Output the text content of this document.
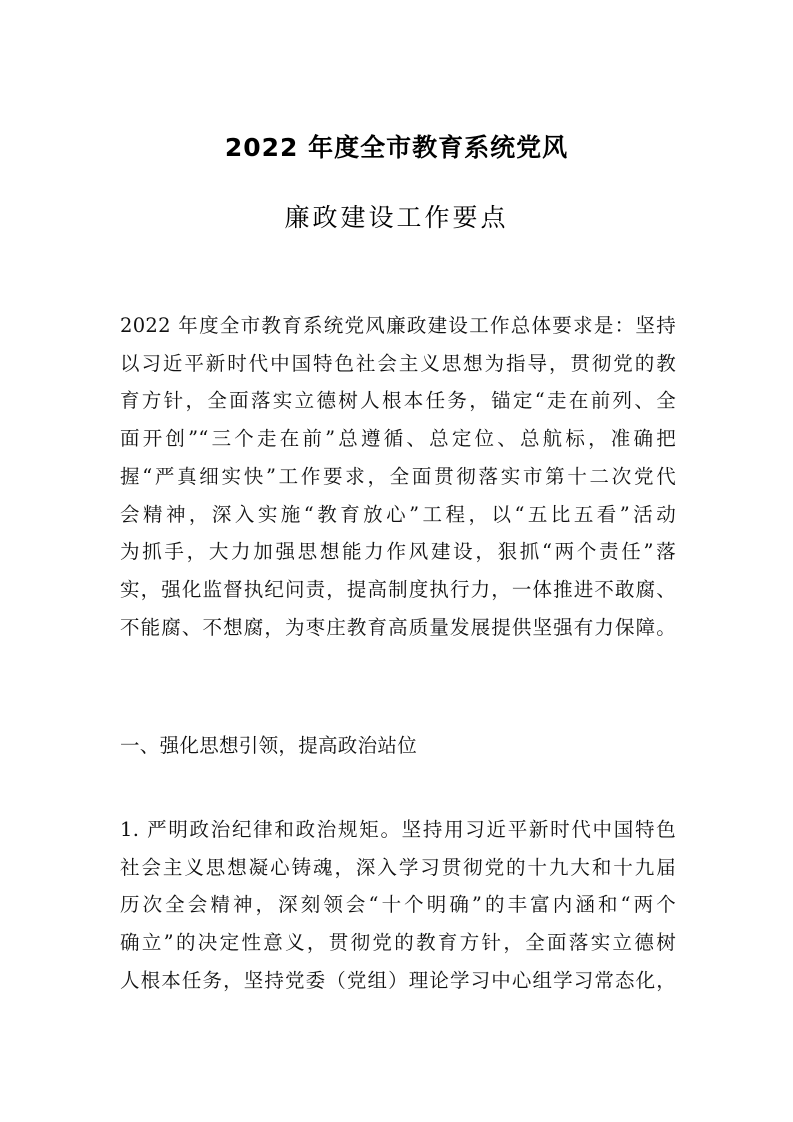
2022 年度全市教育系统党风
廉政建设工作要点
2022 年度全市教育系统党风廉政建设工作总体要求是：坚持
以习近平新时代中国特色社会主义思想为指导，贯彻党的教
育方针，全面落实立德树人根本任务，锚定“走在前列、全
面开创”“三个走在前”总遵循、总定位、总航标，准确把
握“严真细实快”工作要求，全面贯彻落实市第十二次党代
会精神，深入实施“教育放心”工程，以“五比五看”活动
为抓手，大力加强思想能力作风建设，狠抓“两个责任”落
实，强化监督执纪问责，提高制度执行力，一体推进不敢腐、
不能腐、不想腐，为枣庄教育高质量发展提供坚强有力保障。
一、强化思想引领，提高政治站位
1. 严明政治纪律和政治规矩。坚持用习近平新时代中国特色
社会主义思想凝心铸魂，深入学习贯彻党的十九大和十九届
历次全会精神，深刻领会“十个明确”的丰富内涵和“两个
确立”的决定性意义，贯彻党的教育方针，全面落实立德树
人根本任务，坚持党委（党组）理论学习中心组学习常态化，
